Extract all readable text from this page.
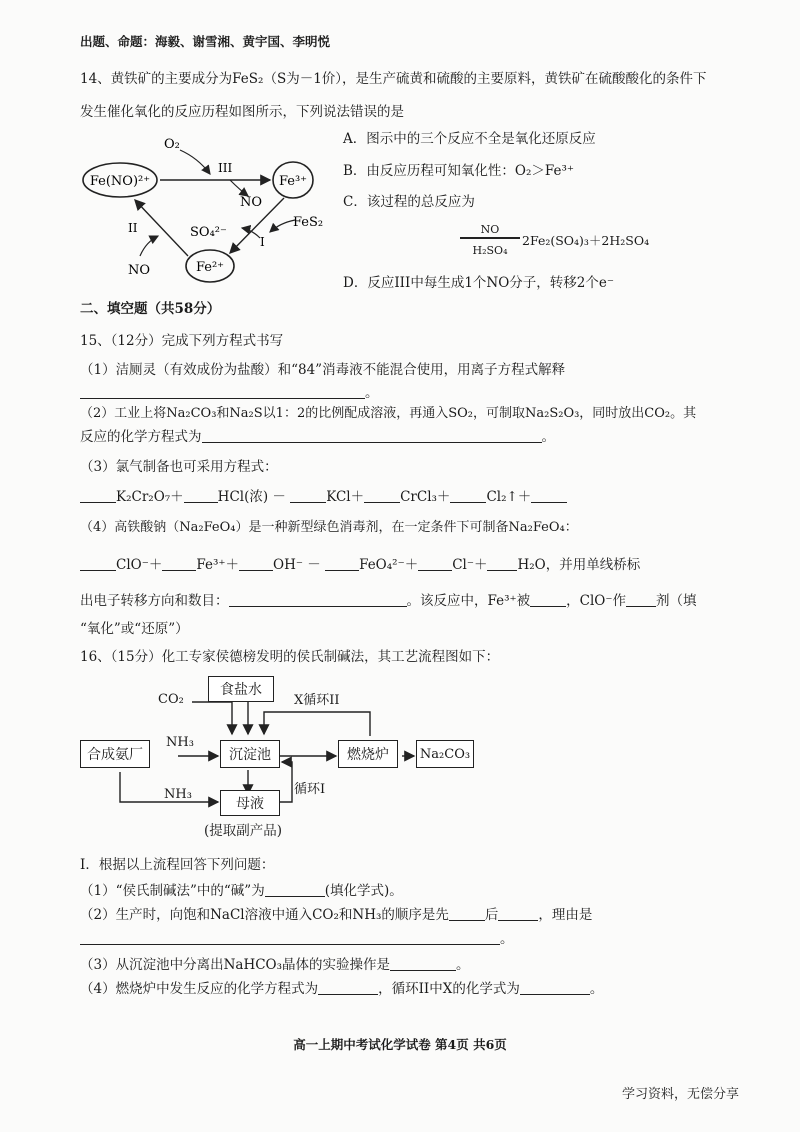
出题、命题：海毅、谢雪湘、黄宇国、李明悦
14、黄铁矿的主要成分为FeS₂（S为－1价），是生产硫黄和硫酸的主要原料，黄铁矿在硫酸酸化的条件下
发生催化氧化的反应历程如图所示，下列说法错误的是
Fe(NO)²⁺	Fe³⁺
Fe²⁺
O₂
III
NO
FeS₂
I
SO₄²⁻
II
NO
A．图示中的三个反应不全是氧化还原反应
B．由反应历程可知氧化性：O₂＞Fe³⁺
C．该过程的总反应为
NO
H₂SO₄
2Fe₂(SO₄)₃＋2H₂SO₄
D．反应III中每生成1个NO分子，转移2个e⁻
二、填空题（共58分）
15、（12分）完成下列方程式书写
（1）洁厕灵（有效成份为盐酸）和“84”消毒液不能混合使用，用离子方程式解释
。
（2）工业上将Na₂CO₃和Na₂S以1：2的比例配成溶液，再通入SO₂，可制取Na₂S₂O₃，同时放出CO₂。其
反应的化学方程式为	。
（3）氯气制备也可采用方程式：
K₂Cr₂O₇＋	HCl(浓) －	KCl＋	CrCl₃＋	Cl₂↑＋
（4）高铁酸钠（Na₂FeO₄）是一种新型绿色消毒剂，在一定条件下可制备Na₂FeO₄：
ClO⁻＋	Fe³⁺＋	OH⁻ －	FeO₄²⁻＋	Cl⁻＋ H₂O，并用单线桥标
出电子转移方向和数目：	。该反应中，Fe³⁺被	，ClO⁻作 剂（填
“氧化”或“还原”）
16、（15分）化工专家侯德榜发明的侯氏制碱法，其工艺流程图如下：
CO₂
食盐水
X循环II
合成氨厂
NH₃
沉淀池	燃烧炉 Na₂CO₃
NH₃	循环I
母液
(提取副产品)
I．根据以上流程回答下列问题：
（1）“侯氏制碱法”中的“碱”为	(填化学式)。
（2）生产时，向饱和NaCl溶液中通入CO₂和NH₃的顺序是先	后	，理由是
。
（3）从沉淀池中分离出NaHCO₃晶体的实验操作是	。
（4）燃烧炉中发生反应的化学方程式为	，循环II中X的化学式为	。
高一上期中考试化学试卷 第4页 共6页
学习资料，无偿分享
